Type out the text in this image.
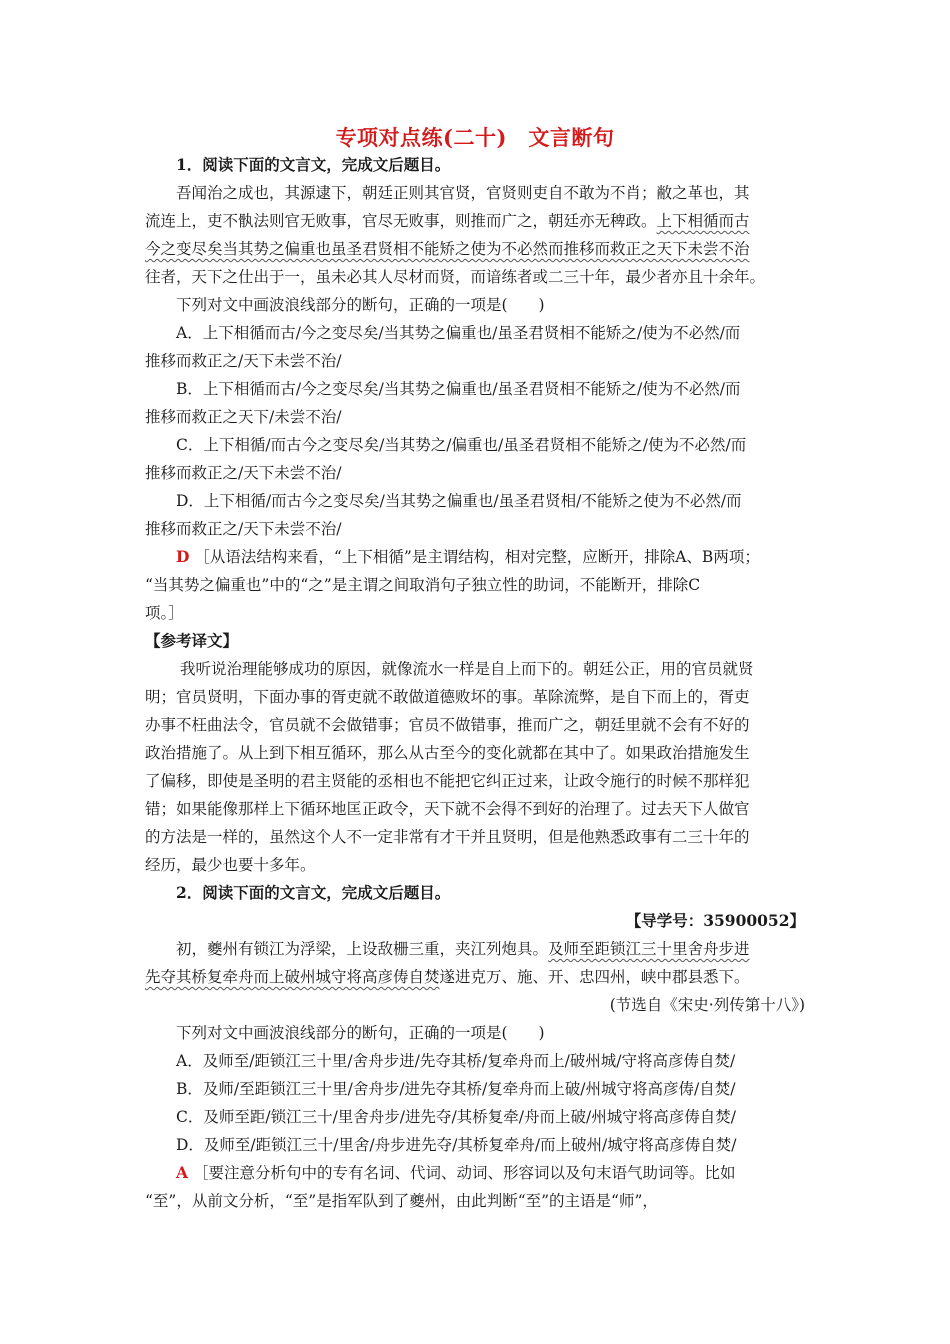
专项对点练(二十)　文言断句
1．阅读下面的文言文，完成文后题目。
吾闻治之成也，其源逮下，朝廷正则其官贤，官贤则吏自不敢为不肖；敝之革也，其
流连上，吏不骫法则官无败事，官尽无败事，则推而广之，朝廷亦无稗政。上下相循而古
今之变尽矣当其势之偏重也虽圣君贤相不能矫之使为不必然而推移而救正之天下未尝不治
往者，天下之仕出于一，虽未必其人尽材而贤，而谙练者或二三十年，最少者亦且十余年。
下列对文中画波浪线部分的断句，正确的一项是(　　)
A．上下相循而古/今之变尽矣/当其势之偏重也/虽圣君贤相不能矫之/使为不必然/而
推移而救正之/天下未尝不治/
B．上下相循而古/今之变尽矣/当其势之偏重也/虽圣君贤相不能矫之/使为不必然/而
推移而救正之天下/未尝不治/
C．上下相循/而古今之变尽矣/当其势之/偏重也/虽圣君贤相不能矫之/使为不必然/而
推移而救正之/天下未尝不治/
D．上下相循/而古今之变尽矣/当其势之偏重也/虽圣君贤相/不能矫之使为不必然/而
推移而救正之/天下未尝不治/
D ［从语法结构来看，“上下相循”是主谓结构，相对完整，应断开，排除A、B两项；
“当其势之偏重也”中的“之”是主谓之间取消句子独立性的助词，不能断开，排除C
项。］
【参考译文】
我听说治理能够成功的原因，就像流水一样是自上而下的。朝廷公正，用的官员就贤
明；官员贤明，下面办事的胥吏就不敢做道德败坏的事。革除流弊，是自下而上的，胥吏
办事不枉曲法令，官员就不会做错事；官员不做错事，推而广之，朝廷里就不会有不好的
政治措施了。从上到下相互循环，那么从古至今的变化就都在其中了。如果政治措施发生
了偏移，即使是圣明的君主贤能的丞相也不能把它纠正过来，让政令施行的时候不那样犯
错；如果能像那样上下循环地匡正政令，天下就不会得不到好的治理了。过去天下人做官
的方法是一样的，虽然这个人不一定非常有才干并且贤明，但是他熟悉政事有二三十年的
经历，最少也要十多年。
2．阅读下面的文言文，完成文后题目。
【导学号：35900052】
初，夔州有锁江为浮梁，上设敌栅三重，夹江列炮具。及师至距锁江三十里舍舟步进
先夺其桥复牵舟而上破州城守将高彦俦自焚遂进克万、施、开、忠四州，峡中郡县悉下。
(节选自《宋史·列传第十八》)
下列对文中画波浪线部分的断句，正确的一项是(　　)
A．及师至/距锁江三十里/舍舟步进/先夺其桥/复牵舟而上/破州城/守将高彦俦自焚/
B．及师/至距锁江三十里/舍舟步/进先夺其桥/复牵舟而上破/州城守将高彦俦/自焚/
C．及师至距/锁江三十/里舍舟步/进先夺/其桥复牵/舟而上破/州城守将高彦俦自焚/
D．及师至/距锁江三十/里舍/舟步进先夺/其桥复牵舟/而上破州/城守将高彦俦自焚/
A ［要注意分析句中的专有名词、代词、动词、形容词以及句末语气助词等。比如
“至”，从前文分析，“至”是指军队到了夔州，由此判断“至”的主语是“师”，
